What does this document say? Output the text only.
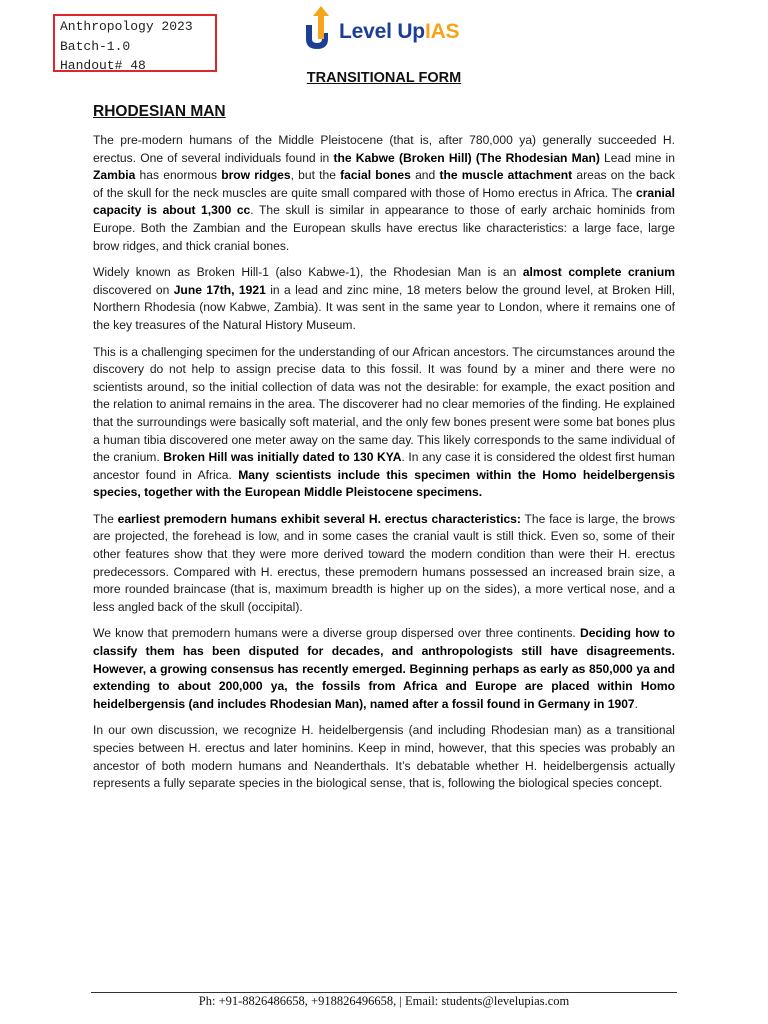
Anthropology 2023
Batch-1.0
Handout# 48
Level UpIAS
TRANSITIONAL FORM
RHODESIAN MAN

The pre-modern humans of the Middle Pleistocene (that is, after 780,000 ya) generally succeeded H. erectus. One of several individuals found in the Kabwe (Broken Hill) (The Rhodesian Man) Lead mine in Zambia has enormous brow ridges, but the facial bones and the muscle attachment areas on the back of the skull for the neck muscles are quite small compared with those of Homo erectus in Africa. The cranial capacity is about 1,300 cc. The skull is similar in appearance to those of early archaic hominids from Europe. Both the Zambian and the European skulls have erectus like characteristics: a large face, large brow ridges, and thick cranial bones.

Widely known as Broken Hill-1 (also Kabwe-1), the Rhodesian Man is an almost complete cranium discovered on June 17th, 1921 in a lead and zinc mine, 18 meters below the ground level, at Broken Hill, Northern Rhodesia (now Kabwe, Zambia). It was sent in the same year to London, where it remains one of the key treasures of the Natural History Museum.

This is a challenging specimen for the understanding of our African ancestors. The circumstances around the discovery do not help to assign precise data to this fossil. It was found by a miner and there were no scientists around, so the initial collection of data was not the desirable: for example, the exact position and the relation to animal remains in the area. The discoverer had no clear memories of the finding. He explained that the surroundings were basically soft material, and the only few bones present were some bat bones plus a human tibia discovered one meter away on the same day. This likely corresponds to the same individual of the cranium. Broken Hill was initially dated to 130 KYA. In any case it is considered the oldest first human ancestor found in Africa. Many scientists include this specimen within the Homo heidelbergensis species, together with the European Middle Pleistocene specimens.

The earliest premodern humans exhibit several H. erectus characteristics: The face is large, the brows are projected, the forehead is low, and in some cases the cranial vault is still thick. Even so, some of their other features show that they were more derived toward the modern condition than were their H. erectus predecessors. Compared with H. erectus, these premodern humans possessed an increased brain size, a more rounded braincase (that is, maximum breadth is higher up on the sides), a more vertical nose, and a less angled back of the skull (occipital).

We know that premodern humans were a diverse group dispersed over three continents. Deciding how to classify them has been disputed for decades, and anthropologists still have disagreements. However, a growing consensus has recently emerged. Beginning perhaps as early as 850,000 ya and extending to about 200,000 ya, the fossils from Africa and Europe are placed within Homo heidelbergensis (and includes Rhodesian Man), named after a fossil found in Germany in 1907.

In our own discussion, we recognize H. heidelbergensis (and including Rhodesian man) as a transitional species between H. erectus and later hominins. Keep in mind, however, that this species was probably an ancestor of both modern humans and Neanderthals. It’s debatable whether H. heidelbergensis actually represents a fully separate species in the biological sense, that is, following the biological species concept.

Ph: +91-8826486658, +918826496658, | Email: students@levelupias.com
